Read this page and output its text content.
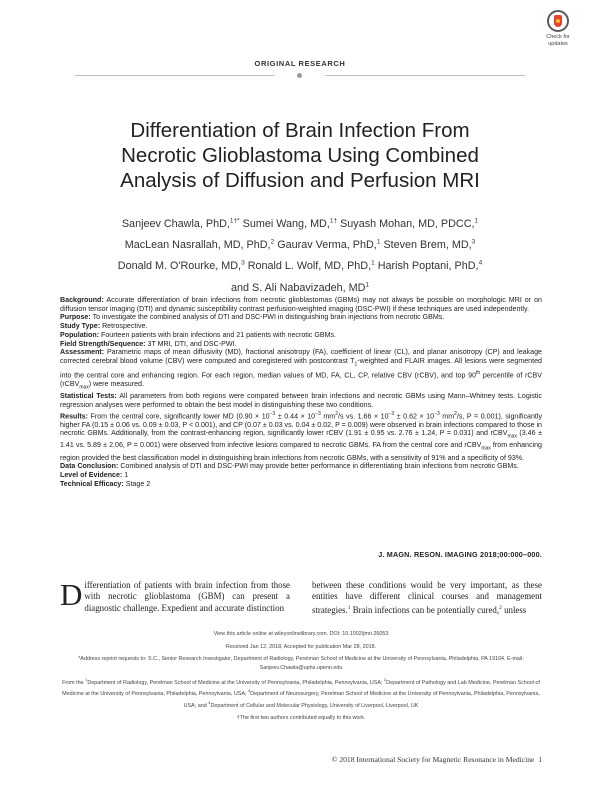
Check for
updates
ORIGINAL RESEARCH
Differentiation of Brain Infection From
Necrotic Glioblastoma Using Combined
Analysis of Diffusion and Perfusion MRI
Sanjeev Chawla, PhD,$^{1\dagger*}$ Sumei Wang, MD,$^{1\dagger}$ Suyash Mohan, MD, PDCC,$^1$
MacLean Nasrallah, MD, PhD,$^2$ Gaurav Verma, PhD,$^1$ Steven Brem, MD,$^3$
Donald M. O'Rourke, MD,$^3$ Ronald L. Wolf, MD, PhD,$^1$ Harish Poptani, PhD,$^4$
and S. Ali Nabavizadeh, $MD^1$

Background: Accurate differentiation of brain infections from necrotic glioblastomas (GBMs) may not always be possible on morphologic MRI or on diffusion tensor imaging (DTI) and dynamic susceptibility contrast perfusion-weighted imaging (DSC-PWI) if these techniques are used independently.

Purpose: To investigate the combined analysis of DTI and DSC-PWI in distinguishing brain injections from necrotic GBMs.

Study Type: Retrospective.

Population: Fourteen patients with brain infections and 21 patients with necrotic GBMs.

Field Strength/Sequence: 3T MRI, DTI, and DSC-PWI.

Assessment: Parametric maps of mean diffusivity (MD), fractional anisotropy (FA), coefficient of linear (CL), and planar anisotropy (CP) and leakage corrected cerebral blood volume (CBV) were computed and coregistered with postcontrast $T_1$-weighted and FLAIR images. All lesions were segmented into the central core and enhancing region. For each region, median values of MD, FA, CL, CP, relative CBV (rCBV), and top 90th percentile of rCBV (rCBV$_{max}$) were measured.

Statistical Tests: All parameters from both regions were compared between brain infections and necrotic GBMs using Mann–Whitney tests. Logistic regression analyses were performed to obtain the best model in distinguishing these two conditions.

Results: From the central core, significantly lower MD ($0.90 \times 10^{-3} \pm 0.44 \times 10^{-3}$ $mm^2/s$ vs. $1.66 \times 10^{-3} \pm 0.62 \times 10^{-3}$ $mm^2/s$, P = 0.001), significantly higher FA (0.15 ± 0.06 vs. 0.09 ± 0.03, P < 0.001), and CP (0.07 ± 0.03 vs. 0.04 ± 0.02, P = 0.009) were observed in brain infections compared to those in necrotic GBMs. Additionally, from the contrast-enhancing region, significantly lower rCBV (1.91 ± 0.95 vs. 2.76 ± 1.24, P = 0.031) and rCBV$_{max}$ (3.46 ± 1.41 vs. 5.89 ± 2.06, P = 0.001) were observed from infective lesions compared to necrotic GBMs. FA from the central core and rCBV$_{max}$ from enhancing region provided the best classification model in distinguishing brain infections from necrotic GBMs, with a sensitivity of 91% and a specificity of 93%.

Data Conclusion: Combined analysis of DTI and DSC-PWI may provide better performance in differentiating brain infections from necrotic GBMs.

Level of Evidence: 1

Technical Efficacy: Stage 2

J. MAGN. RESON. IMAGING 2018;00:000–000.
Differentiation of patients with brain infection from those with necrotic glioblastoma (GBM) can present a diagnostic challenge. Expedient and accurate distinction
between these conditions would be very important, as these entities have different clinical courses and management strategies.$^1$ Brain infections can be potentially cured,$^2$ unless

View this article online at wileyonlinelibrary.com. DOI: 10.1002/jmri.26053

Received Jan 12, 2018, Accepted for publication Mar 28, 2018.

*Address reprint requests to: S.C., Senior Research Investigator, Department of Radiology, Perelman School of Medicine at the University of Pennsylvania, Philadelphia, PA 19104. E-mail: Sanjeev.Chawla@uphs.upenn.edu

From the $^1$Department of Radiology, Perelman School of Medicine at the University of Pennsylvania, Philadelphia, Pennsylvania, USA; $^2$Department of Pathology and Lab Medicine, Perelman School of Medicine at the University of Pennsylvania, Philadelphia, Pennsylvania, USA; $^3$Department of Neurosurgery, Perelman School of Medicine at the University of Pennsylvania, Philadelphia, Pennsylvania, USA; and $^4$Department of Cellular and Molecular Physiology, University of Liverpool, Liverpool, UK

†The first two authors contributed equally to this work.

© 2018 International Society for Magnetic Resonance in Medicine 1
